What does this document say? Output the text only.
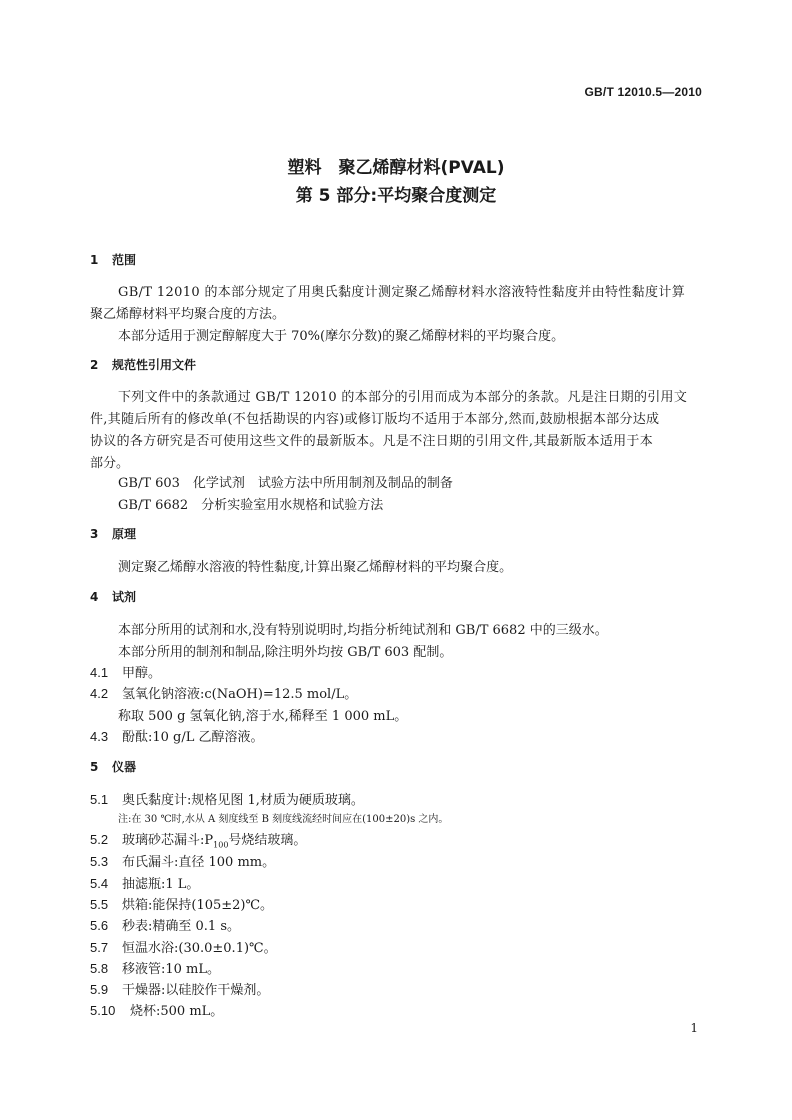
GB/T 12010.5—2010
塑料　聚乙烯醇材料(PVAL)
第 5 部分:平均聚合度测定
1 范围
GB/T 12010 的本部分规定了用奥氏黏度计测定聚乙烯醇材料水溶液特性黏度并由特性黏度计算
聚乙烯醇材料平均聚合度的方法。
本部分适用于测定醇解度大于 70%(摩尔分数)的聚乙烯醇材料的平均聚合度。
2 规范性引用文件
下列文件中的条款通过 GB/T 12010 的本部分的引用而成为本部分的条款。凡是注日期的引用文
件,其随后所有的修改单(不包括勘误的内容)或修订版均不适用于本部分,然而,鼓励根据本部分达成
协议的各方研究是否可使用这些文件的最新版本。凡是不注日期的引用文件,其最新版本适用于本
部分。
GB/T 603　化学试剂　试验方法中所用制剂及制品的制备
GB/T 6682　分析实验室用水规格和试验方法
3 原理
测定聚乙烯醇水溶液的特性黏度,计算出聚乙烯醇材料的平均聚合度。
4 试剂
本部分所用的试剂和水,没有特别说明时,均指分析纯试剂和 GB/T 6682 中的三级水。
本部分所用的制剂和制品,除注明外均按 GB/T 603 配制。
4.1 甲醇。
4.2 氢氧化钠溶液:c(NaOH)=12.5 mol/L。
称取 500 g 氢氧化钠,溶于水,稀释至 1 000 mL。
4.3 酚酞:10 g/L 乙醇溶液。
5 仪器
5.1 奥氏黏度计:规格见图 1,材质为硬质玻璃。
注:在 30 ℃时,水从 A 刻度线至 B 刻度线流经时间应在(100±20)s 之内。
5.2 玻璃砂芯漏斗$:P_{100}$号烧结玻璃。
5.3 布氏漏斗:直径 100 mm。
5.4 抽滤瓶:1 L。
5.5 烘箱:能保持(105±2)℃。
5.6 秒表:精确至 0.1 s。
5.7 恒温水浴:(30.0±0.1)℃。
5.8 移液管:10 mL。
5.9 干燥器:以硅胶作干燥剂。
5.10 烧杯:500 mL。
1
